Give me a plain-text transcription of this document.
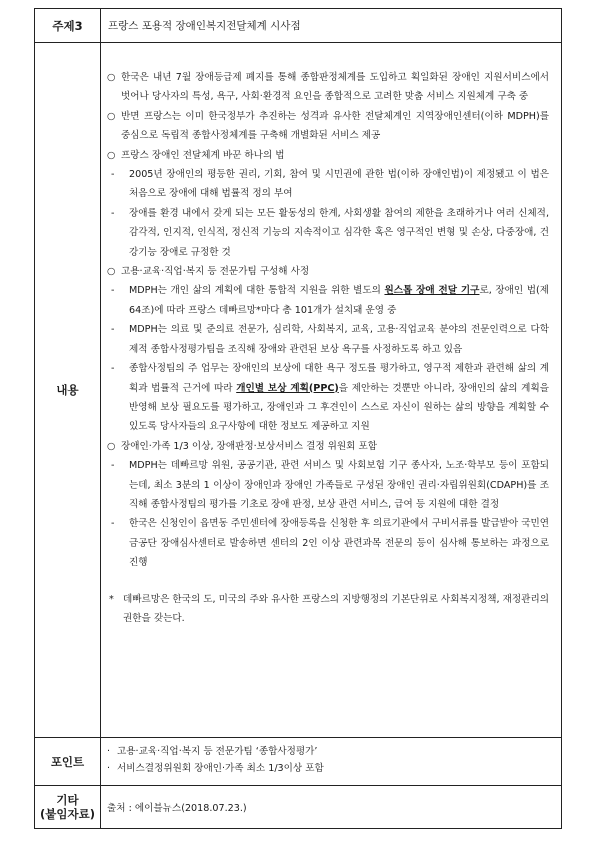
주제3	프랑스 포용적 장애인복지전달체계 시사점
내용
○ 한국은 내년 7월 장애등급제 폐지를 통해 종합판정체계를 도입하고 획일화된 장애인 지원서비스에서 벗어나 당사자의 특성, 욕구, 사회·환경적 요인을 종합적으로 고려한 맞춤 서비스 지원체계 구축 중
○ 반면 프랑스는 이미 한국정부가 추진하는 성격과 유사한 전달체계인 지역장애인센터(이하 MDPH)를 중심으로 독립적 종합사정체계를 구축해 개별화된 서비스 제공
○ 프랑스 장애인 전달체계 바꾼 하나의 법
- 2005년 장애인의 평등한 권리, 기회, 참여 및 시민권에 관한 법(이하 장애인법)이 제정됐고 이 법은 처음으로 장애에 대해 법률적 정의 부여
- 장애를 환경 내에서 갖게 되는 모든 활동성의 한계, 사회생활 참여의 제한을 초래하거나 여러 신체적, 감각적, 인지적, 인식적, 정신적 기능의 지속적이고 심각한 혹은 영구적인 변형 및 손상, 다중장애, 건강기능 장애로 규정한 것
○ 고용·교육·직업·복지 등 전문가팀 구성해 사정
- MDPH는 개인 삶의 계획에 대한 통합적 지원을 위한 별도의 원스톱 장애 전달 기구로, 장애인 법(제64조)에 따라 프랑스 데빠르망*마다 총 101개가 설치돼 운영 중
- MDPH는 의료 및 준의료 전문가, 심리학, 사회복지, 교육, 고용·직업교육 분야의 전문인력으로 다학제적 종합사정평가팀을 조직해 장애와 관련된 보상 욕구를 사정하도록 하고 있음
- 종합사정팀의 주 업무는 장애인의 보상에 대한 욕구 정도를 평가하고, 영구적 제한과 관련해 삶의 계획과 법률적 근거에 따라 개인별 보상 계획(PPC)을 제안하는 것뿐만 아니라, 장애인의 삶의 계획을 반영해 보상 필요도를 평가하고, 장애인과 그 후견인이 스스로 자신이 원하는 삶의 방향을 계획할 수 있도록 당사자들의 요구사항에 대한 정보도 제공하고 지원
○ 장애인·가족 1/3 이상, 장애판정·보상서비스 결정 위원회 포함
- MDPH는 데빠르망 위원, 공공기관, 관련 서비스 및 사회보험 기구 종사자, 노조·학부모 등이 포함되는데, 최소 3분의 1 이상이 장애인과 장애인 가족들로 구성된 장애인 권리·자립위원회(CDAPH)를 조직해 종합사정팀의 평가를 기초로 장애 판정, 보상 관련 서비스, 급여 등 지원에 대한 결정
- 한국은 신청인이 읍면동 주민센터에 장애등록을 신청한 후 의료기관에서 구비서류를 발급받아 국민연금공단 장애심사센터로 발송하면 센터의 2인 이상 관련과목 전문의 등이 심사해 통보하는 과정으로 진행
* 데빠르망은 한국의 도, 미국의 주와 유사한 프랑스의 지방행정의 기본단위로 사회복지정책, 재정관리의 권한을 갖는다.
포인트
· 고용·교육·직업·복지 등 전문가팀 ‘종합사정평가’
· 서비스결정위원회 장애인·가족 최소 1/3이상 포함
기타
(붙임자료)	출처 : 에이블뉴스(2018.07.23.)
